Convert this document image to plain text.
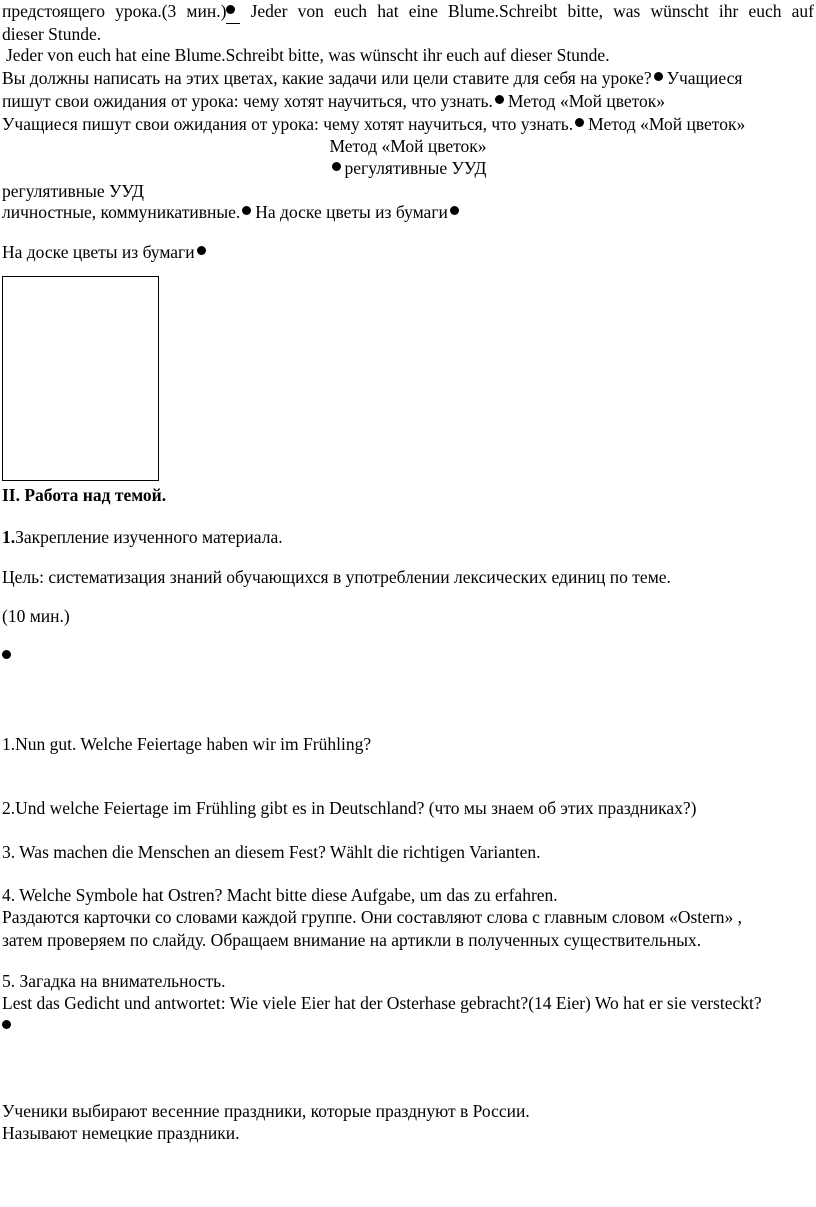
предстоящего урока.(3 мин.) Jeder von euch hat eine Blume.Schreibt bitte, was wünscht ihr euch auf
dieser Stunde.
Jeder von euch hat eine Blume.Schreibt bitte, was wünscht ihr euch auf dieser Stunde.
Вы должны написать на этих цветах, какие задачи или цели ставите для себя на уроке? Учащиеся
пишут свои ожидания от урока: чему хотят научиться, что узнать. Метод «Мой цветок»
Учащиеся пишут свои ожидания от урока: чему хотят научиться, что узнать. Метод «Мой цветок»
Метод «Мой цветок»
регулятивные УУД
регулятивные УУД
личностные, коммуникативные. На доске цветы из бумаги
На доске цветы из бумаги
II. Работа над темой.
1.Закрепление изученного материала.
Цель: систематизация знаний обучающихся в употреблении лексических единиц по теме.
(10 мин.)
1.Nun gut. Welche Feiertage haben wir im Frühling?
2.Und welche Feiertage im Frühling gibt es in Deutschland? (что мы знаем об этих праздниках?)
3. Was machen die Menschen an diesem Fest? Wählt die richtigen Varianten.
4. Welche Symbole hat Ostren? Macht bitte diese Aufgabe, um das zu erfahren.
Раздаются карточки со словами каждой группе. Они составляют слова с главным словом «Ostern» ,
затем проверяем по слайду. Обращаем внимание на артикли в полученных существительных.
5. Загадка на внимательность.
Lest das Gedicht und antwortet: Wie viele Eier hat der Osterhase gebracht?(14 Eier) Wo hat er sie versteckt?
Ученики выбирают весенние праздники, которые празднуют в России.
Называют немецкие праздники.
